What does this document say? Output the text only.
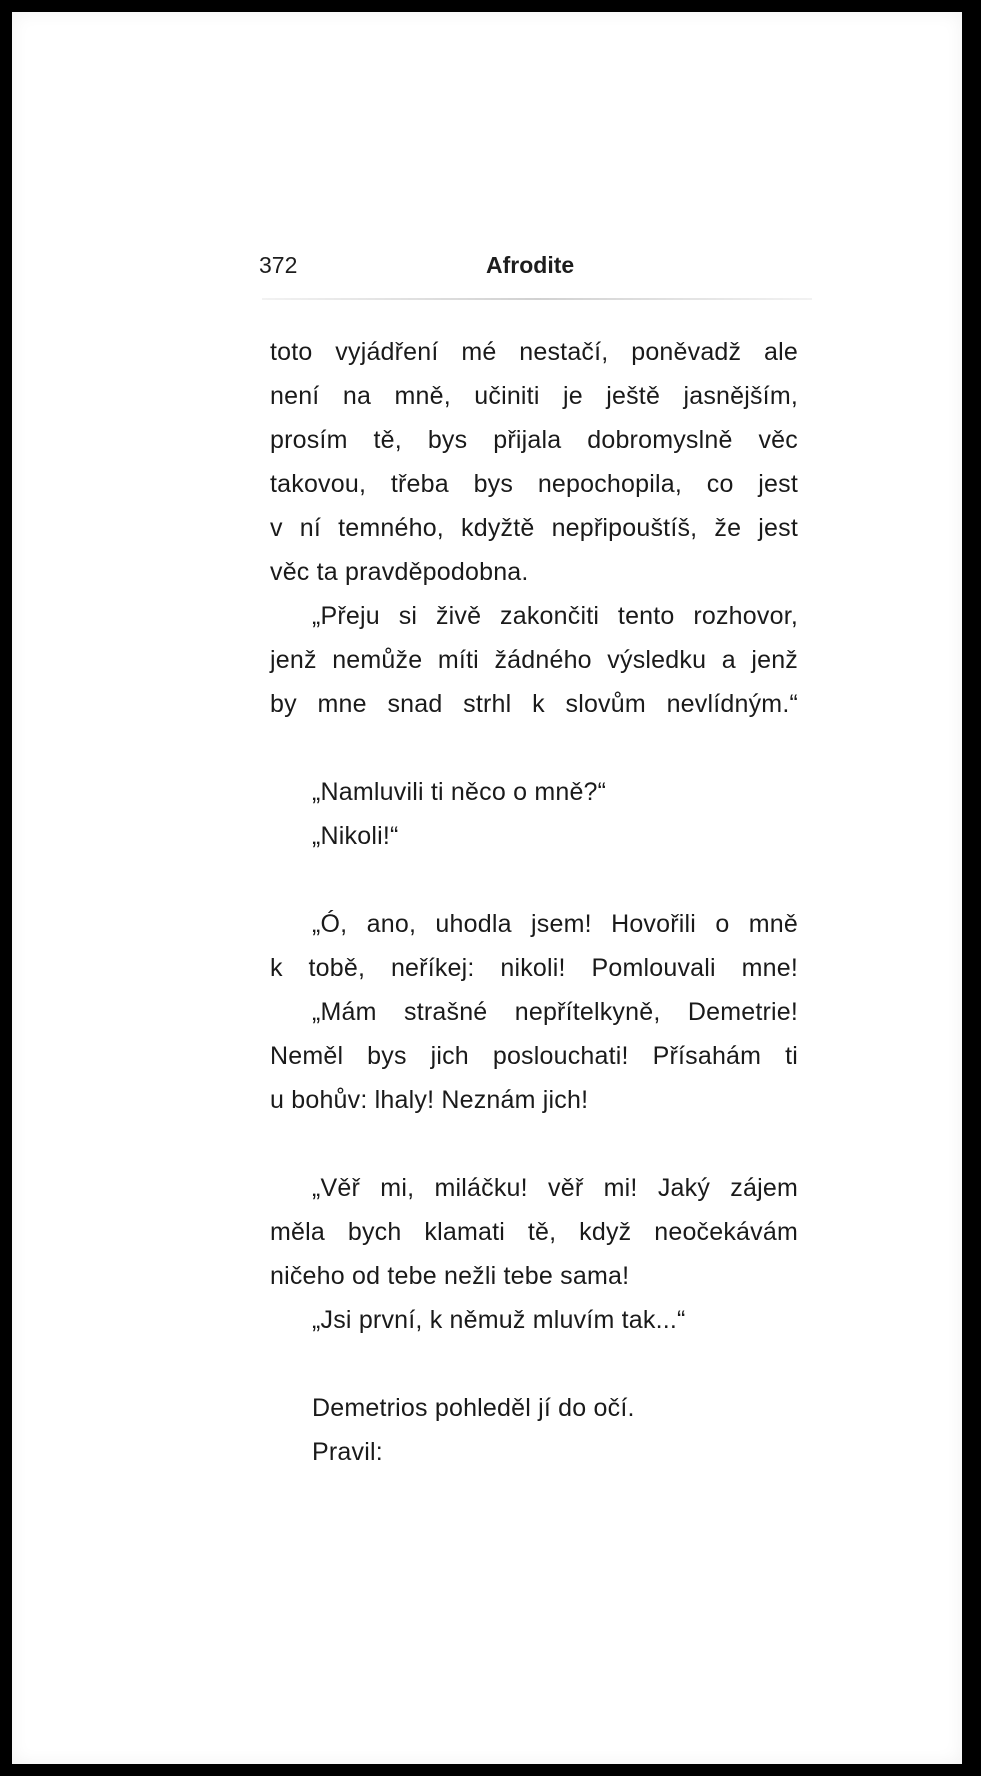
372	Afrodite
toto vyjádření mé nestačí, poněvadž ale
není na mně, učiniti je ještě jasnějším,
prosím tě, bys přijala dobromyslně věc
takovou, třeba bys nepochopila, co jest
v ní temného, kdyžtě nepřipouštíš, že jest
věc ta pravděpodobna.
„Přeju si živě zakončiti tento rozhovor,
jenž nemůže míti žádného výsledku a jenž
by mne snad strhl k slovům nevlídným.“
„Namluvili ti něco o mně?“
„Nikoli!“
„Ó, ano, uhodla jsem! Hovořili o mně
k tobě, neříkej: nikoli! Pomlouvali mne!
„Mám strašné nepřítelkyně, Demetrie!
Neměl bys jich poslouchati! Přísahám ti
u bohův: lhaly! Neznám jich!
„Věř mi, miláčku! věř mi! Jaký zájem
měla bych klamati tě, když neočekávám
ničeho od tebe nežli tebe sama!
„Jsi první, k němuž mluvím tak...“
Demetrios pohleděl jí do očí.
Pravil:
